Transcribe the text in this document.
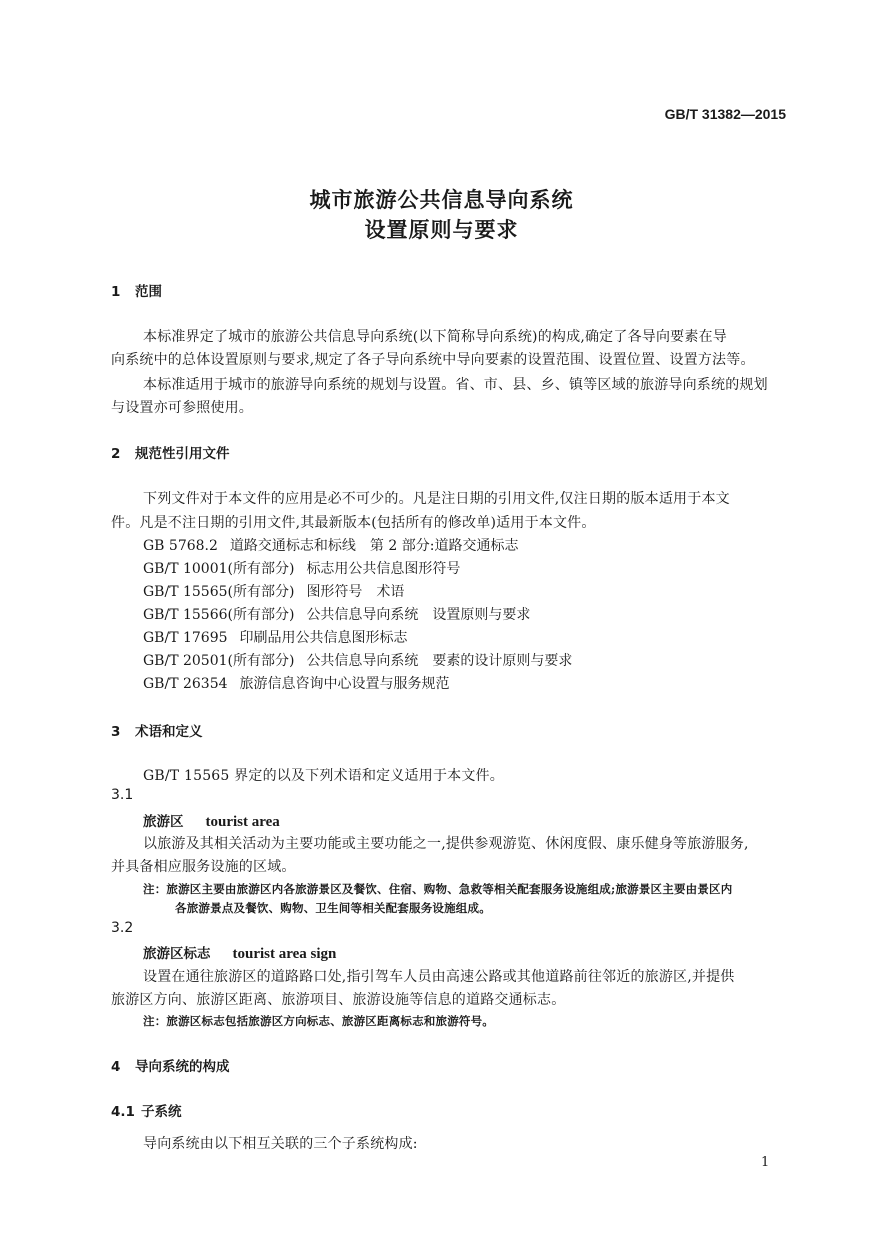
GB/T 31382—2015
城市旅游公共信息导向系统
设置原则与要求
1 范围
本标准界定了城市的旅游公共信息导向系统(以下简称导向系统)的构成,确定了各导向要素在导
向系统中的总体设置原则与要求,规定了各子导向系统中导向要素的设置范围、设置位置、设置方法等。
本标准适用于城市的旅游导向系统的规划与设置。省、市、县、乡、镇等区域的旅游导向系统的规划
与设置亦可参照使用。
2 规范性引用文件
下列文件对于本文件的应用是必不可少的。凡是注日期的引用文件,仅注日期的版本适用于本文
件。凡是不注日期的引用文件,其最新版本(包括所有的修改单)适用于本文件。
GB 5768.2 道路交通标志和标线　第 2 部分:道路交通标志
GB/T 10001(所有部分) 标志用公共信息图形符号
GB/T 15565(所有部分) 图形符号　术语
GB/T 15566(所有部分) 公共信息导向系统　设置原则与要求
GB/T 17695 印刷品用公共信息图形标志
GB/T 20501(所有部分) 公共信息导向系统　要素的设计原则与要求
GB/T 26354 旅游信息咨询中心设置与服务规范
3 术语和定义
GB/T 15565 界定的以及下列术语和定义适用于本文件。
3.1
旅游区 tourist area
以旅游及其相关活动为主要功能或主要功能之一,提供参观游览、休闲度假、康乐健身等旅游服务,
并具备相应服务设施的区域。
注：旅游区主要由旅游区内各旅游景区及餐饮、住宿、购物、急救等相关配套服务设施组成;旅游景区主要由景区内
各旅游景点及餐饮、购物、卫生间等相关配套服务设施组成。
3.2
旅游区标志 tourist area sign
设置在通往旅游区的道路路口处,指引驾车人员由高速公路或其他道路前往邻近的旅游区,并提供
旅游区方向、旅游区距离、旅游项目、旅游设施等信息的道路交通标志。
注：旅游区标志包括旅游区方向标志、旅游区距离标志和旅游符号。
4 导向系统的构成
4.1 子系统
导向系统由以下相互关联的三个子系统构成:
1
